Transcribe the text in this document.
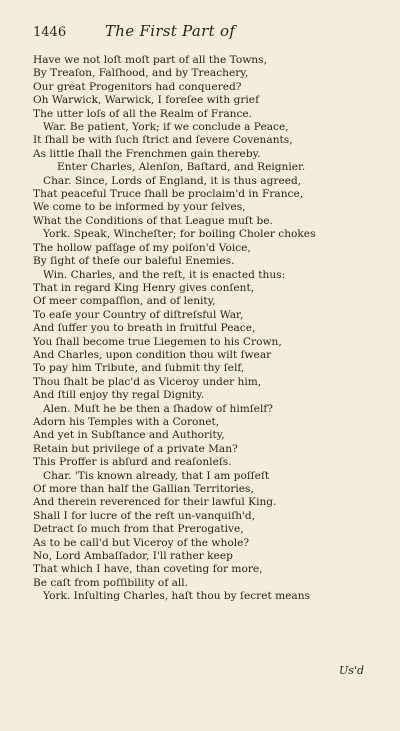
1446	The First Part of
Have we not loſt moſt part of all the Towns,
By Treaſon, Falſhood, and by Treachery,
Our great Progenitors had conquered?
Oh Warwick, Warwick, I foreſee with grief
The utter loſs of all the Realm of France.
War. Be patient, York; if we conclude a Peace,
It ſhall be with ſuch ſtrict and ſevere Covenants,
As little ſhall the Frenchmen gain thereby.
Enter Charles, Alenſon, Baſtard, and Reignier.
Char. Since, Lords of England, it is thus agreed,
That peaceful Truce ſhall be proclaim'd in France,
We come to be informed by your ſelves,
What the Conditions of that League muſt be.
York. Speak, Wincheſter; for boiling Choler chokes
The hollow paſſage of my poiſon'd Voice,
By ſight of theſe our baleful Enemies.
Win. Charles, and the reſt, it is enacted thus:
That in regard King Henry gives conſent,
Of meer compaſſion, and of lenity,
To eaſe your Country of diſtreſsful War,
And ſuffer you to breath in fruitful Peace,
You ſhall become true Liegemen to his Crown,
And Charles, upon condition thou wilt ſwear
To pay him Tribute, and ſubmit thy ſelf,
Thou ſhalt be plac'd as Viceroy under him,
And ſtill enjoy thy regal Dignity.
Alen. Muſt he be then a ſhadow of himſelf?
Adorn his Temples with a Coronet,
And yet in Subſtance and Authority,
Retain but privilege of a private Man?
This Proffer is abſurd and reaſonleſs.
Char. 'Tis known already, that I am poſſeſt
Of more than half the Gallian Territories,
And therein reverenced for their lawful King.
Shall I for lucre of the reſt un-vanquiſh'd,
Detract ſo much from that Prerogative,
As to be call'd but Viceroy of the whole?
No, Lord Ambaſſador, I'll rather keep
That which I have, than coveting for more,
Be caſt from poſſibility of all.
York. Inſulting Charles, haſt thou by ſecret means
Us'd
